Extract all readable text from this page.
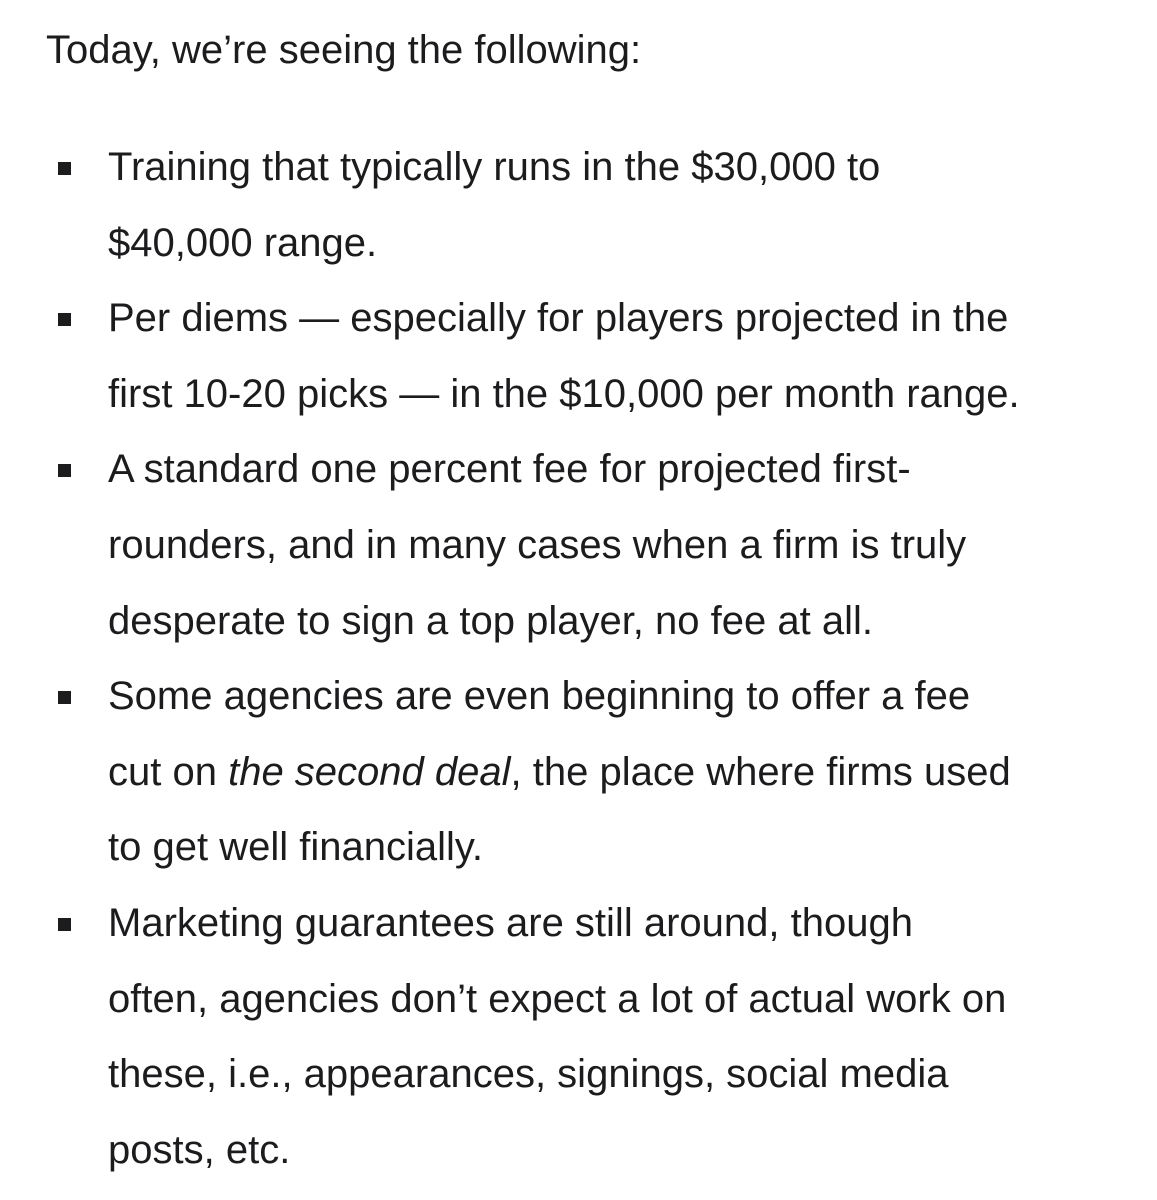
Today, we’re seeing the following:

Training that typically runs in the $30,000 to
$40,000 range.
Per diems — especially for players projected in the
first 10-20 picks — in the $10,000 per month range.
A standard one percent fee for projected first-
rounders, and in many cases when a firm is truly
desperate to sign a top player, no fee at all.
Some agencies are even beginning to offer a fee
cut on the second deal, the place where firms used
to get well financially.
Marketing guarantees are still around, though
often, agencies don’t expect a lot of actual work on
these, i.e., appearances, signings, social media
posts, etc.
